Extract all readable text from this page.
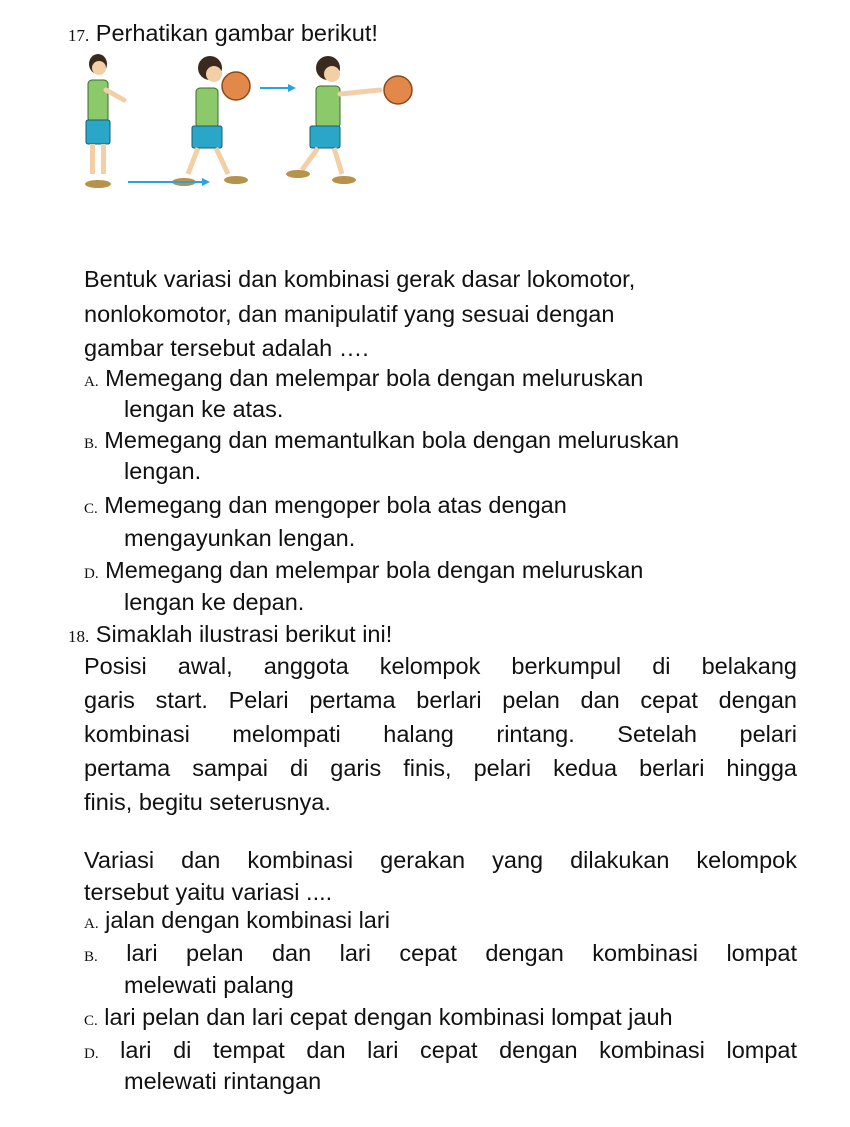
17. Perhatikan gambar berikut!
Bentuk variasi dan kombinasi gerak dasar lokomotor,
nonlokomotor, dan manipulatif yang sesuai dengan
gambar tersebut adalah ….
A. Memegang dan melempar bola dengan meluruskan
lengan ke atas.
B. Memegang dan memantulkan bola dengan meluruskan
lengan.
C. Memegang dan mengoper bola atas dengan
mengayunkan lengan.
D. Memegang dan melempar bola dengan meluruskan
lengan ke depan.
18. Simaklah ilustrasi berikut ini!

Posisi awal, anggota kelompok berkumpul di belakang

garis start. Pelari pertama berlari pelan dan cepat dengan

kombinasi melompati halang rintang. Setelah pelari

pertama sampai di garis finis, pelari kedua berlari hingga

finis, begitu seterusnya.

Variasi dan kombinasi gerakan yang dilakukan kelompok

tersebut yaitu variasi ....

A. jalan dengan kombinasi lari

B. lari pelan dan lari cepat dengan kombinasi lompat

melewati palang
C. lari pelan dan lari cepat dengan kombinasi lompat jauh

D. lari di tempat dan lari cepat dengan kombinasi lompat

melewati rintangan
